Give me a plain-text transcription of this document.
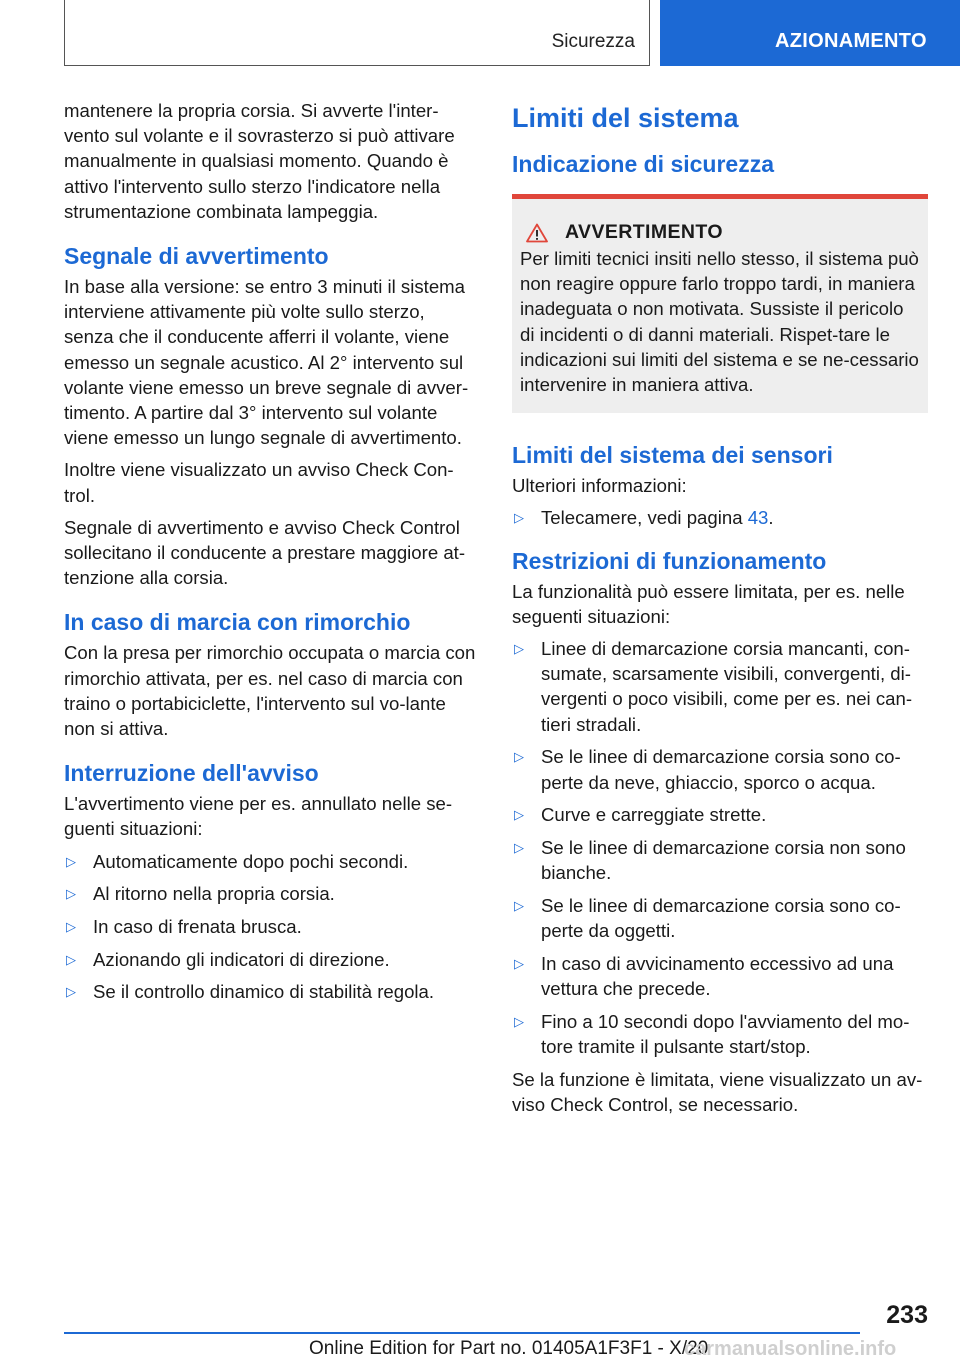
Sicurezza	AZIONAMENTO

mantenere la propria corsia. Si avverte l'inter‐vento sul volante e il sovrasterzo si può attivare manualmente in qualsiasi momento. Quando è attivo l'intervento sullo sterzo l'indicatore nella strumentazione combinata lampeggia.

Segnale di avvertimento

In base alla versione: se entro 3 minuti il sistema interviene attivamente più volte sullo sterzo, senza che il conducente afferri il volante, viene emesso un segnale acustico. Al 2° intervento sul volante viene emesso un breve segnale di avver‐timento. A partire dal 3° intervento sul volante viene emesso un lungo segnale di avvertimento.

Inoltre viene visualizzato un avviso Check Con‐trol.

Segnale di avvertimento e avviso Check Control sollecitano il conducente a prestare maggiore at‐tenzione alla corsia.

In caso di marcia con rimorchio

Con la presa per rimorchio occupata o marcia con rimorchio attivata, per es. nel caso di marcia con traino o portabiciclette, l'intervento sul vo‐lante non si attiva.

Interruzione dell'avviso

L'avvertimento viene per es. annullato nelle se‐guenti situazioni:

▷ Automaticamente dopo pochi secondi.
▷ Al ritorno nella propria corsia.
▷ In caso di frenata brusca.
▷ Azionando gli indicatori di direzione.
▷ Se il controllo dinamico di stabilità regola.
Limiti del sistema
Indicazione di sicurezza
AVVERTIMENTO

Per limiti tecnici insiti nello stesso, il sistema può non reagire oppure farlo troppo tardi, in maniera inadeguata o non motivata. Sussiste il pericolo di incidenti o di danni materiali. Rispet‐tare le indicazioni sui limiti del sistema e se ne‐cessario intervenire in maniera attiva.

Limiti del sistema dei sensori

Ulteriori informazioni:

▷ Telecamere, vedi pagina 43.
Restrizioni di funzionamento

La funzionalità può essere limitata, per es. nelle seguenti situazioni:

▷ Linee di demarcazione corsia mancanti, con‐sumate, scarsamente visibili, convergenti, di‐vergenti o poco visibili, come per es. nei can‐tieri stradali.
▷ Se le linee di demarcazione corsia sono co‐perte da neve, ghiaccio, sporco o acqua.
▷ Curve e carreggiate strette.
▷ Se le linee di demarcazione corsia non sono bianche.
▷ Se le linee di demarcazione corsia sono co‐perte da oggetti.
▷ In caso di avvicinamento eccessivo ad una vettura che precede.
▷ Fino a 10 secondi dopo l'avviamento del mo‐tore tramite il pulsante start/stop.

Se la funzione è limitata, viene visualizzato un av‐viso Check Control, se necessario.

233
Online Edition for Part no. 01405A1F3F1 - X/20
carmanualsonline.info
